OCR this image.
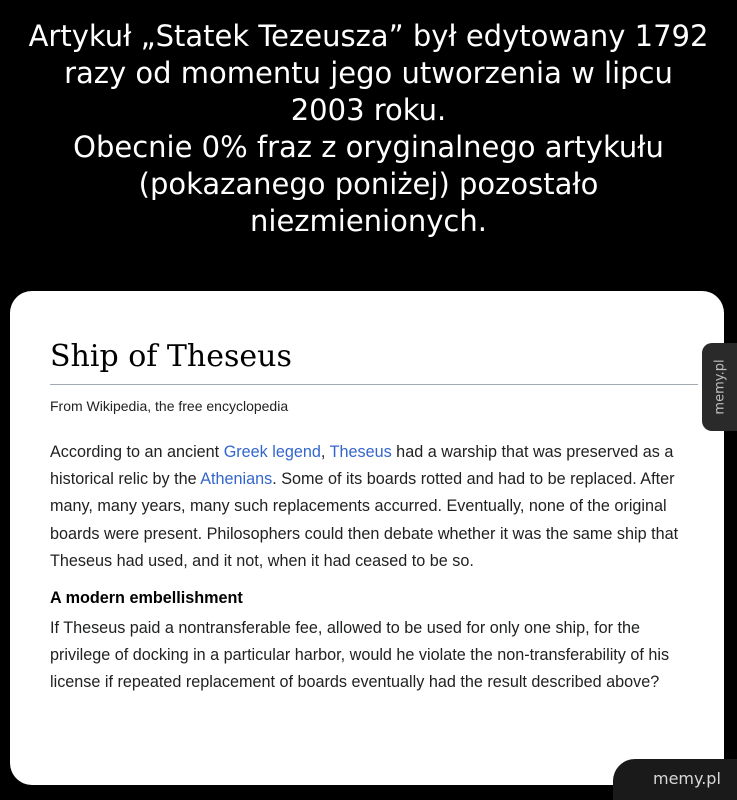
Artykuł „Statek Tezeusza” był edytowany 1792
razy od momentu jego utworzenia w lipcu
2003 roku.
Obecnie 0% fraz z oryginalnego artykułu
(pokazanego poniżej) pozostało
niezmienionych.
Ship of Theseus
From Wikipedia, the free encyclopedia

According to an ancient Greek legend, Theseus had a warship that was preserved as a historical relic by the Athenians. Some of its boards rotted and had to be replaced. After many, many years, many such replacements accurred. Eventually, none of the original boards were present. Philosophers could then debate whether it was the same ship that Theseus had used, and it not, when it had ceased to be so.

A modern embellishment

If Theseus paid a nontransferable fee, allowed to be used for only one ship, for the privilege of docking in a particular harbor, would he violate the non-transferability of his license if repeated replacement of boards eventually had the result described above?

memy.pl
memy.pl
